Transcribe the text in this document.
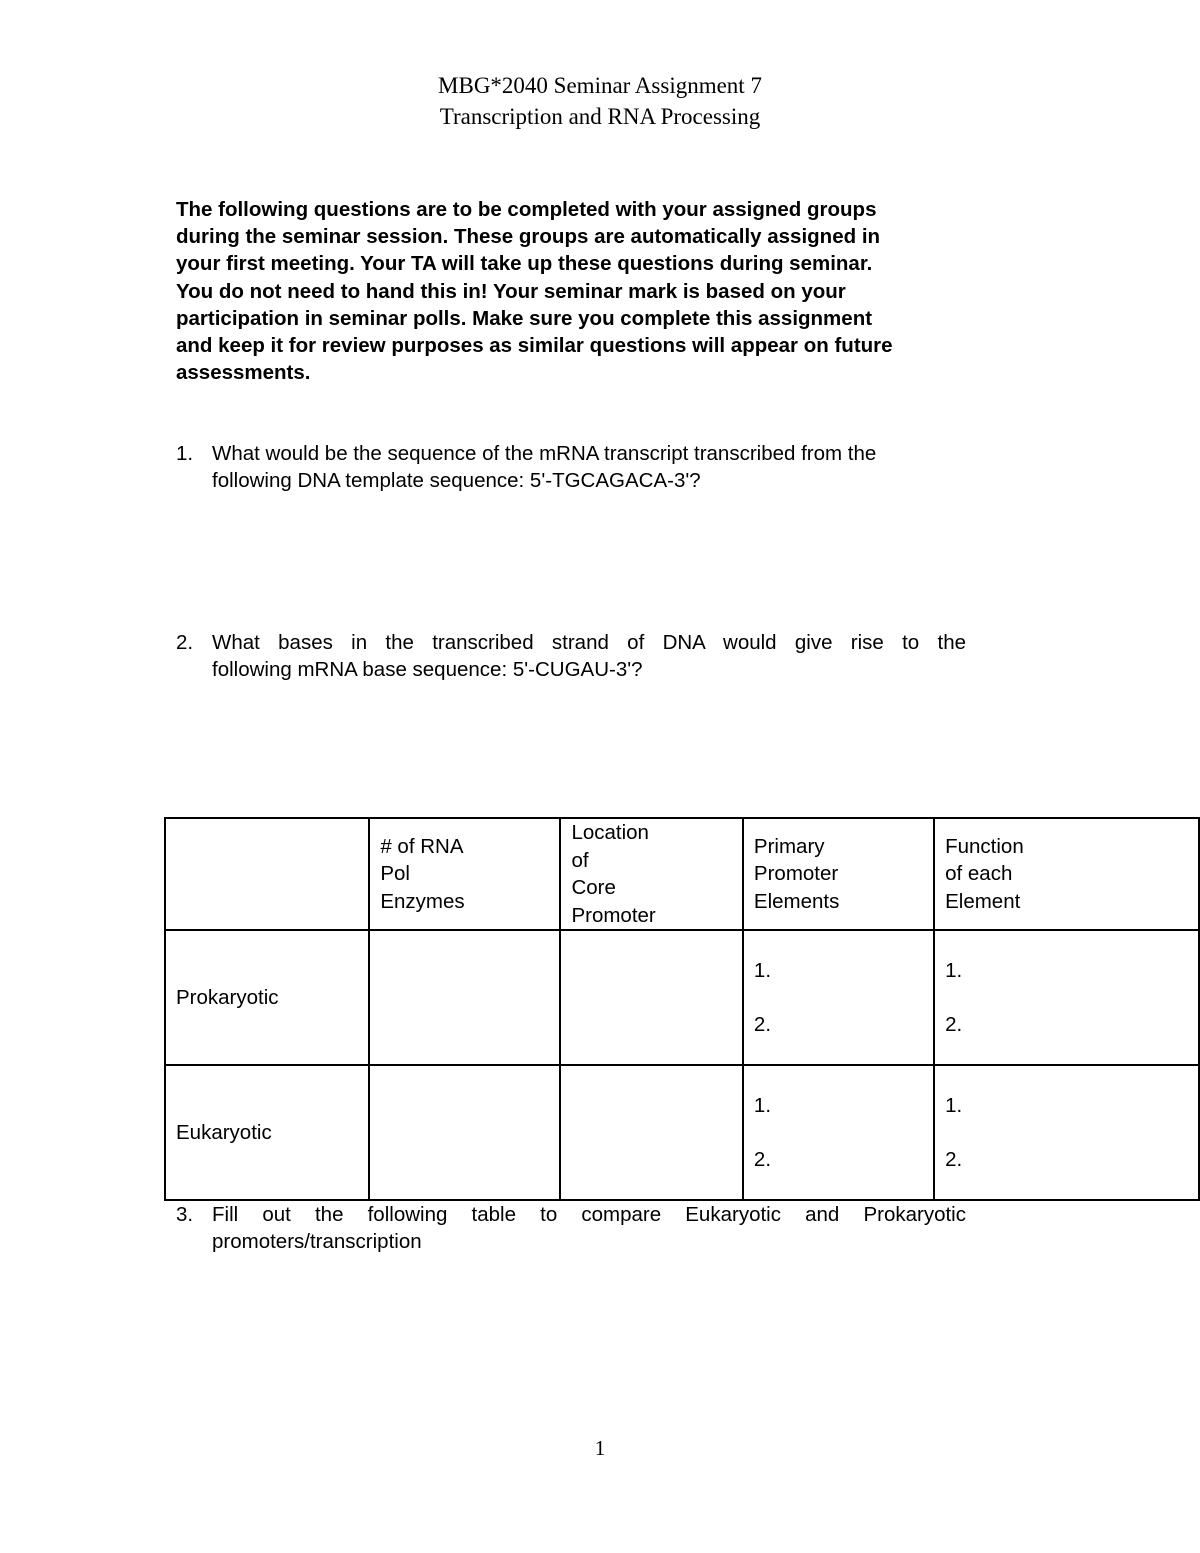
MBG*2040 Seminar Assignment 7
Transcription and RNA Processing
The following questions are to be completed with your assigned groups
during the seminar session. These groups are automatically assigned in
your first meeting. Your TA will take up these questions during seminar.
You do not need to hand this in! Your seminar mark is based on your
participation in seminar polls. Make sure you complete this assignment
and keep it for review purposes as similar questions will appear on future
assessments.
1. What would be the sequence of the mRNA transcript transcribed from the
following DNA template sequence: 5'-TGCAGACA-3'?
2. What bases in the transcribed strand of DNA would give rise to the
following mRNA base sequence: 5'-CUGAU-3'?

	# of RNA
Pol
Enzymes	Location
of
Core
Promoter	Primary
Promoter
Elements	Function
of each
Element

Prokaryotic			1.
2.	1.
2.

Eukaryotic			1.
2.	1.
2.
3. Fill out the following table to compare Eukaryotic and Prokaryotic
promoters/transcription
1
